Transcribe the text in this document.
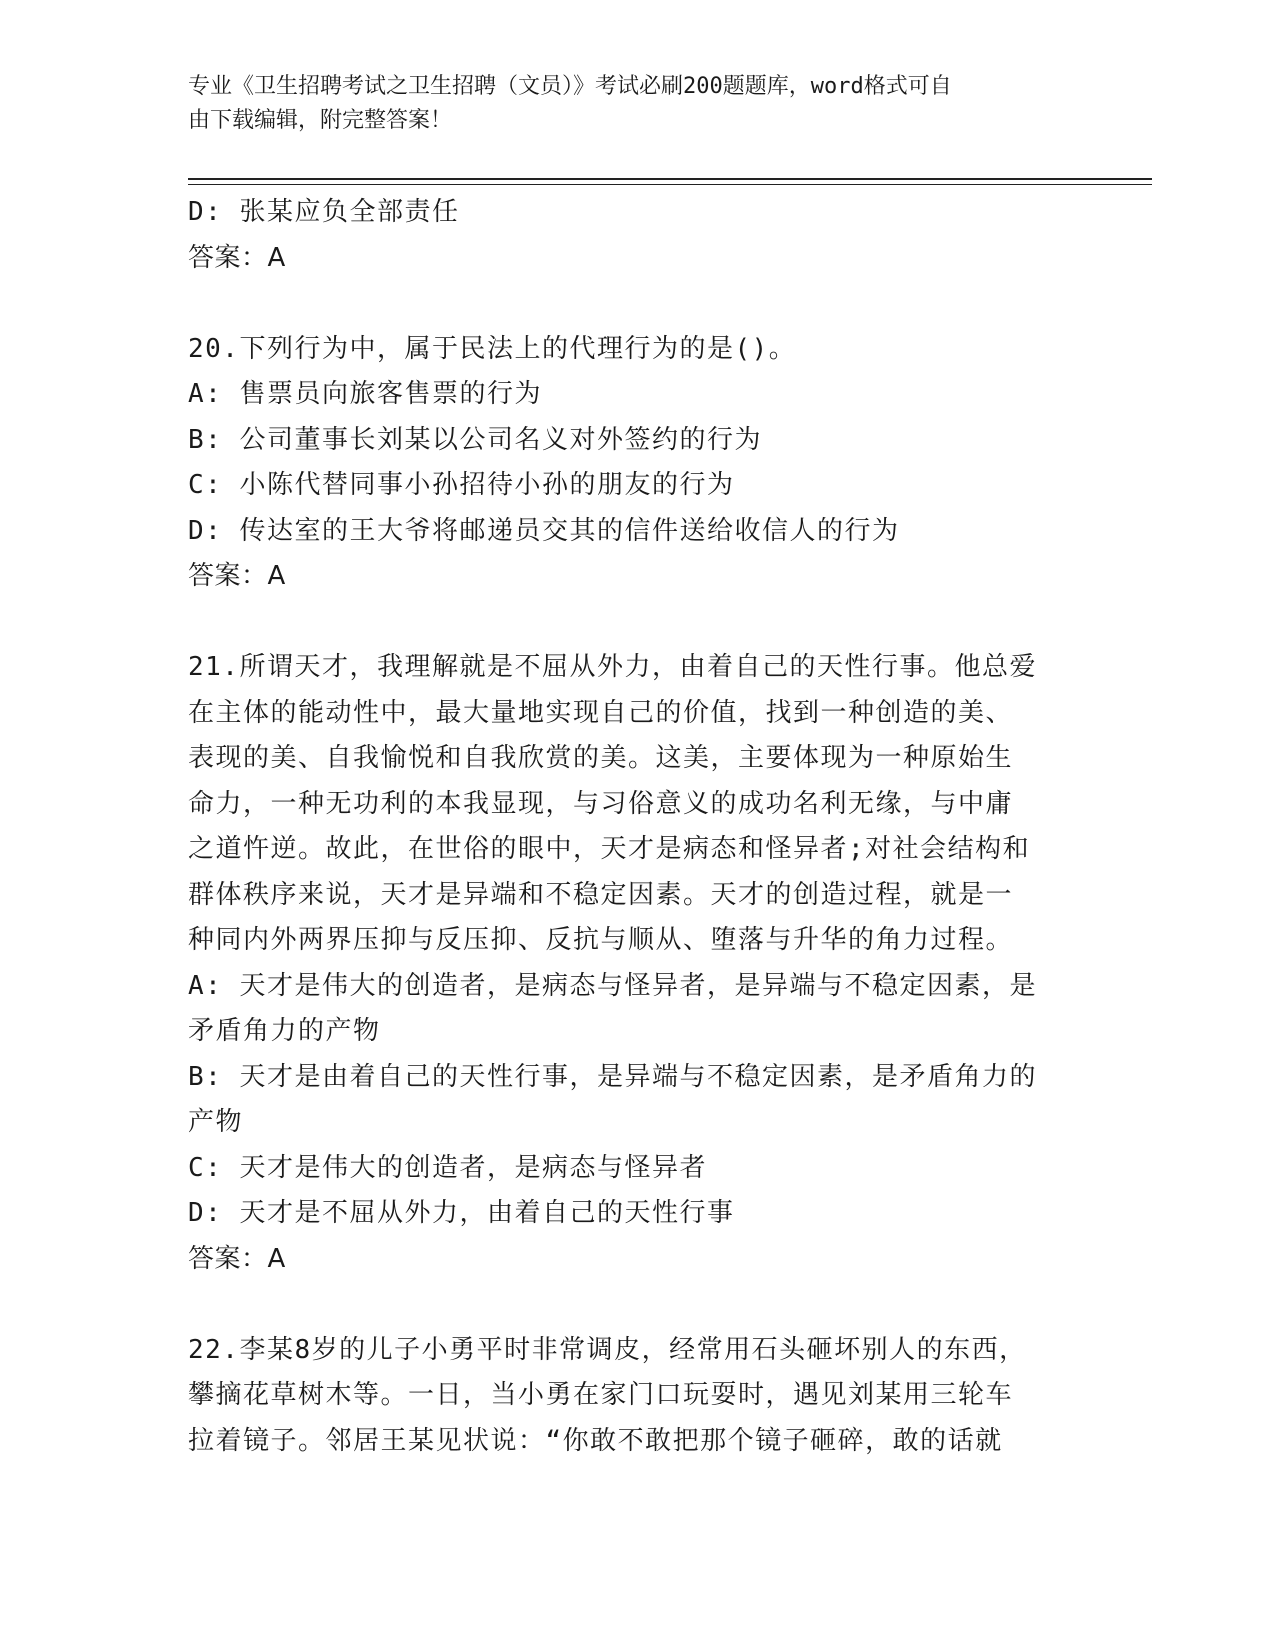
专业《卫生招聘考试之卫生招聘（文员）》考试必刷200题题库，word格式可自
由下载编辑，附完整答案！
D: 张某应负全部责任
答案：A
20.下列行为中，属于民法上的代理行为的是()。
A: 售票员向旅客售票的行为
B: 公司董事长刘某以公司名义对外签约的行为
C: 小陈代替同事小孙招待小孙的朋友的行为
D: 传达室的王大爷将邮递员交其的信件送给收信人的行为
答案：A
21.所谓天才，我理解就是不屈从外力，由着自己的天性行事。他总爱
在主体的能动性中，最大量地实现自己的价值，找到一种创造的美、
表现的美、自我愉悦和自我欣赏的美。这美，主要体现为一种原始生
命力，一种无功利的本我显现，与习俗意义的成功名利无缘，与中庸
之道忤逆。故此，在世俗的眼中，天才是病态和怪异者;对社会结构和
群体秩序来说，天才是异端和不稳定因素。天才的创造过程，就是一
种同内外两界压抑与反压抑、反抗与顺从、堕落与升华的角力过程。
A: 天才是伟大的创造者，是病态与怪异者，是异端与不稳定因素，是
矛盾角力的产物
B: 天才是由着自己的天性行事，是异端与不稳定因素，是矛盾角力的
产物
C: 天才是伟大的创造者，是病态与怪异者
D: 天才是不屈从外力，由着自己的天性行事
答案：A
22.李某8岁的儿子小勇平时非常调皮，经常用石头砸坏别人的东西，
攀摘花草树木等。一日，当小勇在家门口玩耍时，遇见刘某用三轮车
拉着镜子。邻居王某见状说：“你敢不敢把那个镜子砸碎，敢的话就
